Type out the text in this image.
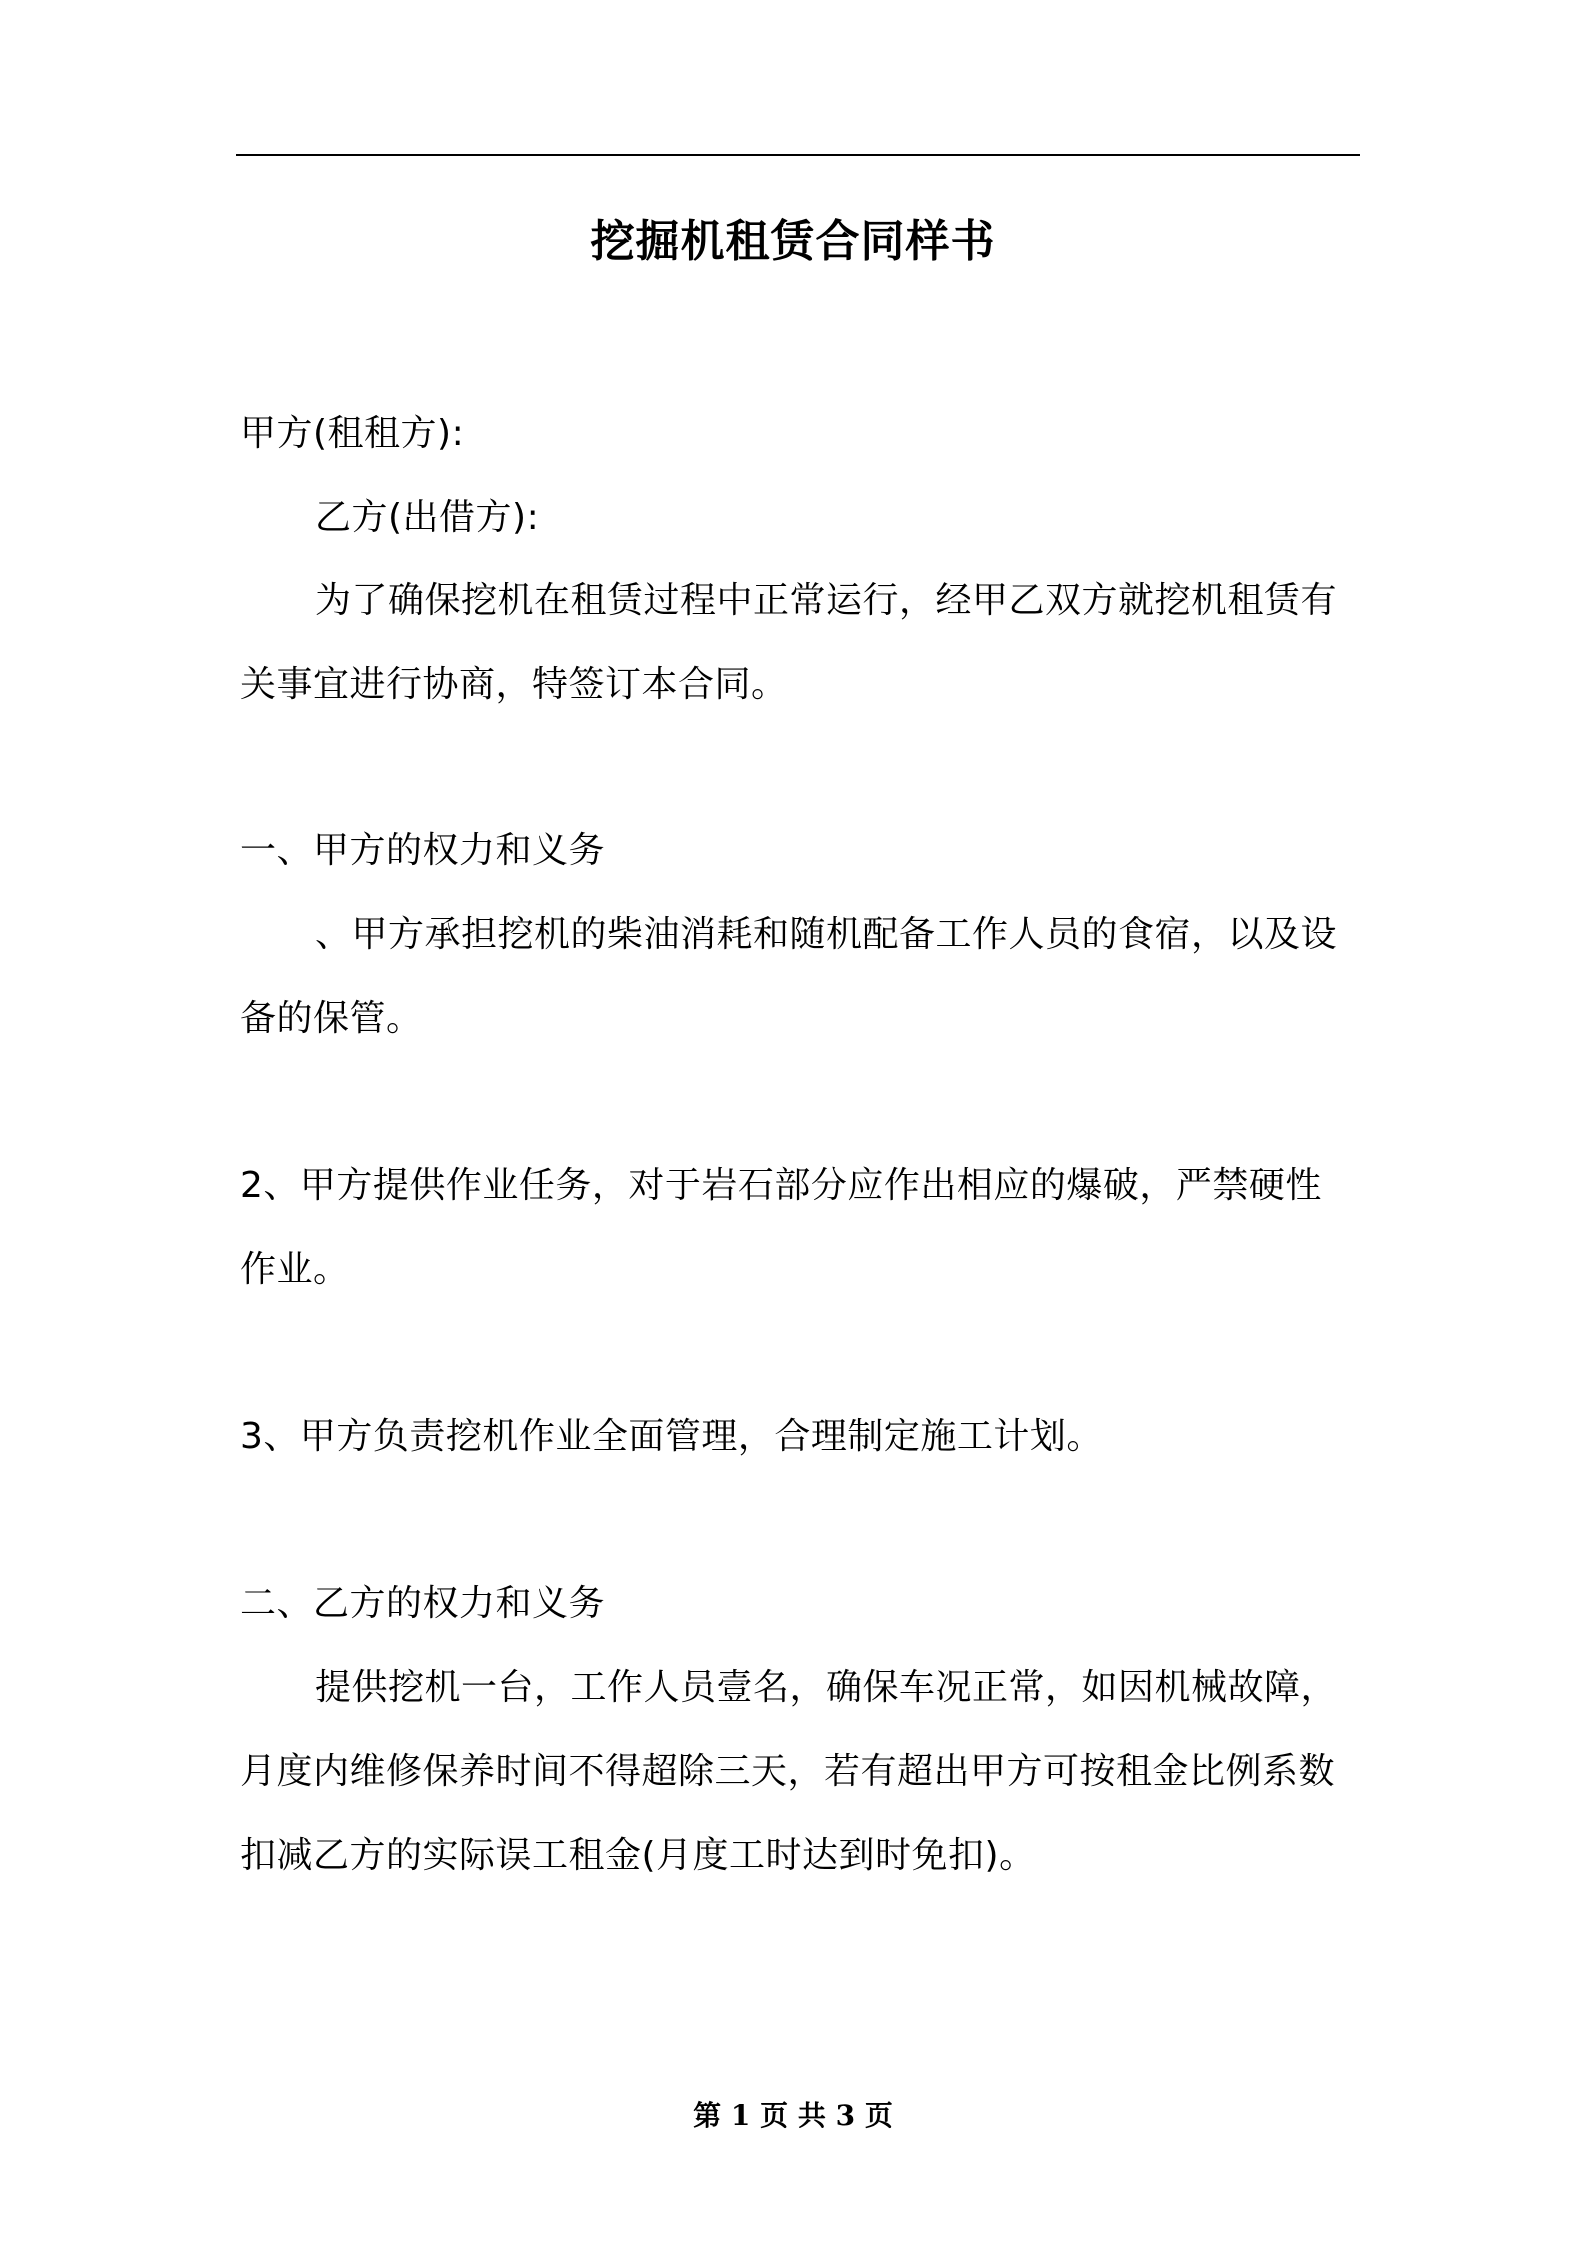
挖掘机租赁合同样书
甲方(租租方):
乙方(出借方):
为了确保挖机在租赁过程中正常运行，经甲乙双方就挖机租赁有
关事宜进行协商，特签订本合同。
一、甲方的权力和义务
、甲方承担挖机的柴油消耗和随机配备工作人员的食宿，以及设
备的保管。
2、甲方提供作业任务，对于岩石部分应作出相应的爆破，严禁硬性
作业。
3、甲方负责挖机作业全面管理，合理制定施工计划。
二、乙方的权力和义务
提供挖机一台，工作人员壹名，确保车况正常，如因机械故障，
月度内维修保养时间不得超除三天，若有超出甲方可按租金比例系数
扣减乙方的实际误工租金(月度工时达到时免扣)。
第 1 页 共 3 页
